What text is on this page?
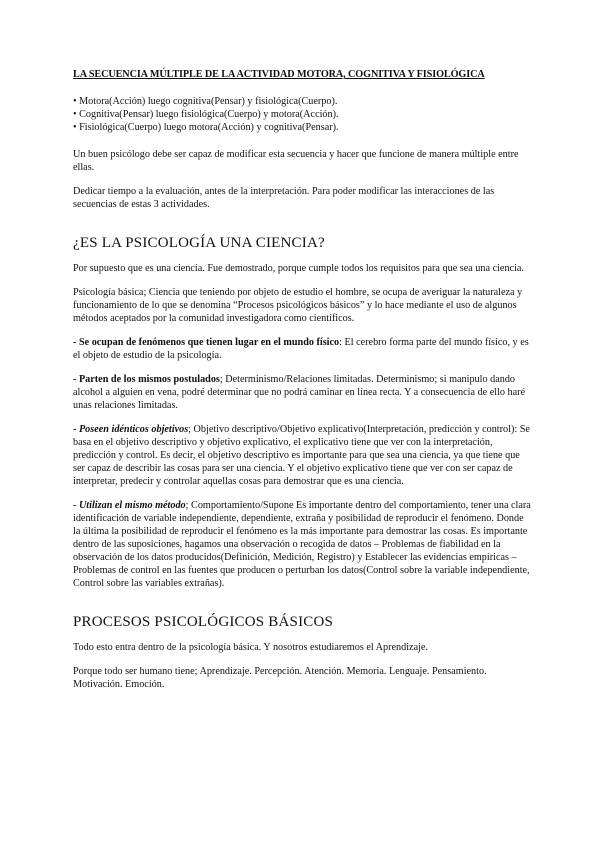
LA SECUENCIA MÚLTIPLE DE LA ACTIVIDAD MOTORA, COGNITIVA Y FISIOLÓGICA
• Motora(Acción) luego cognitiva(Pensar) y fisiológica(Cuerpo).
• Cognitiva(Pensar) luego fisiológica(Cuerpo) y motora(Acción).
• Fisiológica(Cuerpo) luego motora(Acción) y cognitiva(Pensar).

Un buen psicólogo debe ser capaz de modificar esta secuencia y hacer que funcione de manera múltiple entre ellas.

Dedicar tiempo a la evaluación, antes de la interpretación. Para poder modificar las interacciones de las secuencias de estas 3 actividades.

¿ES LA PSICOLOGÍA UNA CIENCIA?

Por supuesto que es una ciencia. Fue demostrado, porque cumple todos los requisitos para que sea una ciencia.

Psicología básica; Ciencia que teniendo por objeto de estudio el hombre, se ocupa de averiguar la naturaleza y funcionamiento de lo que se denomina “Procesos psicológicos básicos” y lo hace mediante el uso de algunos métodos aceptados por la comunidad investigadora como científicos.

- Se ocupan de fenómenos que tienen lugar en el mundo físico: El cerebro forma parte del mundo físico, y es el objeto de estudio de la psicología.

- Parten de los mismos postulados; Determinismo/Relaciones limitadas. Determinismo; si manipulo dando alcohol a alguien en vena, podré determinar que no podrá caminar en línea recta. Y a consecuencia de ello haré unas relaciones limitadas.

- Poseen idénticos objetivos; Objetivo descriptivo/Objetivo explicativo(Interpretación, predicción y control): Se basa en el objetivo descriptivo y objetivo explicativo, el explicativo tiene que ver con la interpretación, predicción y control. Es decir, el objetivo descriptivo es importante para que sea una ciencia, ya que tiene que ser capaz de describir las cosas para ser una ciencia. Y el objetivo explicativo tiene que ver con ser capaz de interpretar, predecir y controlar aquellas cosas para demostrar que es una ciencia.

- Utilizan el mismo método; Comportamiento/Supone Es importante dentro del comportamiento, tener una clara identificación de variable independiente, dependiente, extraña y posibilidad de reproducir el fenómeno. Donde la última la posibilidad de reproducir el fenómeno es la más importante para demostrar las cosas. Es importante dentro de las suposiciones, hagamos una observación o recogida de datos – Problemas de fiabilidad en la observación de los datos producidos(Definición, Medición, Registro) y Establecer las evidencias empíricas – Problemas de control en las fuentes que producen o perturban los datos(Control sobre la variable independiente, Control sobre las variables extrañas).

PROCESOS PSICOLÓGICOS BÁSICOS

Todo esto entra dentro de la psicología básica. Y nosotros estudiaremos el Aprendizaje.

Porque todo ser humano tiene; Aprendizaje. Percepción. Atención. Memoria. Lenguaje. Pensamiento. Motivación. Emoción.
